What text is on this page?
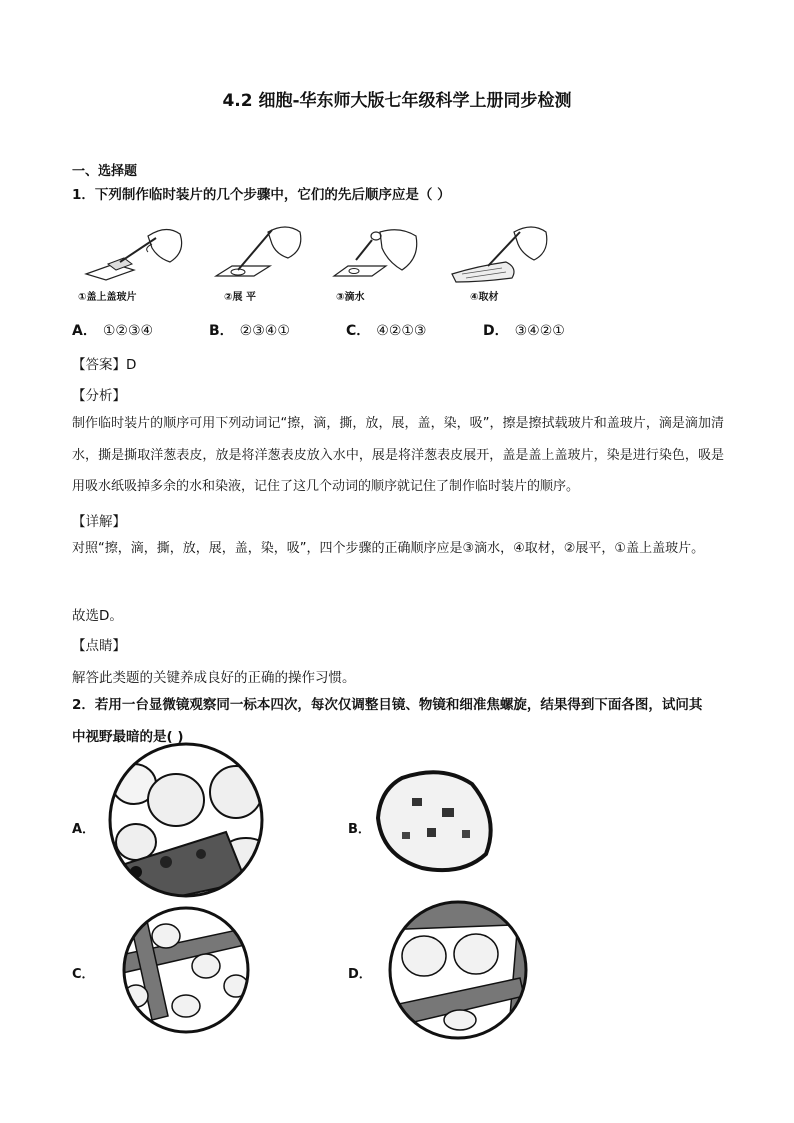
4.2 细胞-华东师大版七年级科学上册同步检测
一、选择题
1．下列制作临时装片的几个步骤中，它们的先后顺序应是（ ）
①盖上盖玻片	②展 平	③滴水	④取材
A． ①②③④	B． ②③④①	C． ④②①③	D． ③④②①
【答案】D
【分析】
制作临时装片的顺序可用下列动词记“擦，滴，撕，放，展，盖，染，吸”，擦是擦拭载玻片和盖玻片，滴是滴加清水，撕是撕取洋葱表皮，放是将洋葱表皮放入水中，展是将洋葱表皮展开，盖是盖上盖玻片，染是进行染色，吸是用吸水纸吸掉多余的水和染液，记住了这几个动词的顺序就记住了制作临时装片的顺序。
【详解】
对照“擦，滴，撕，放，展，盖，染，吸”，四个步骤的正确顺序应是③滴水，④取材，②展平，①盖上盖玻片。
故选D。
【点睛】
解答此类题的关键养成良好的正确的操作习惯。
2．若用一台显微镜观察同一标本四次，每次仅调整目镜、物镜和细准焦螺旋，结果得到下面各图，试问其
中视野最暗的是( )
A．	B．
C．	D．
